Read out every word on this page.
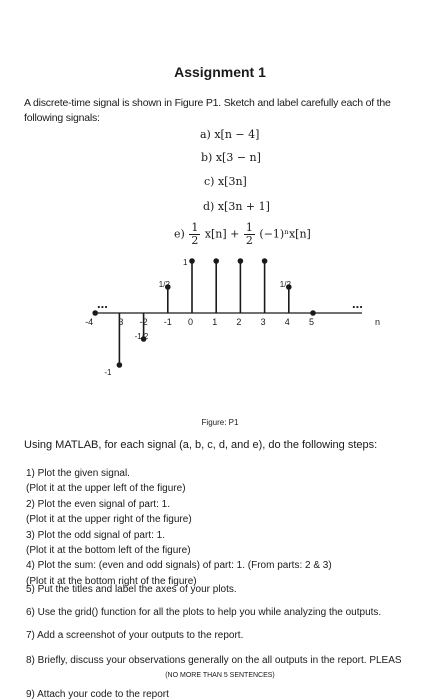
Assignment 1
A discrete-time signal is shown in Figure P1. Sketch and label carefully each of the following signals:
a) x[n − 4]
b) x[3 − n]
c) x[3n]
d) x[3n + 1]
$e) \frac{1}{2} x[n] + \frac{1}{2} (-1)^nx[n]$
...	...
-4	3 -2 -1 0 1 2 3 4 5	n
1/2
1
1/2
-1/2
-1
Figure: P1
Using MATLAB, for each signal (a, b, c, d, and e), do the following steps:
1) Plot the given signal.
(Plot it at the upper left of the figure)
2) Plot the even signal of part: 1.
(Plot it at the upper right of the figure)
3) Plot the odd signal of part: 1.
(Plot it at the bottom left of the figure)
4) Plot the sum: (even and odd signals) of part: 1. (From parts: 2 & 3)
(Plot it at the bottom right of the figure)
5) Put the titles and label the axes of your plots.
6) Use the grid() function for all the plots to help you while analyzing the outputs.
7) Add a screenshot of your outputs to the report.
8) Briefly, discuss your observations generally on the all outputs in the report. PLEAS
(NO MORE THAN 5 SENTENCES)
9) Attach your code to the report
